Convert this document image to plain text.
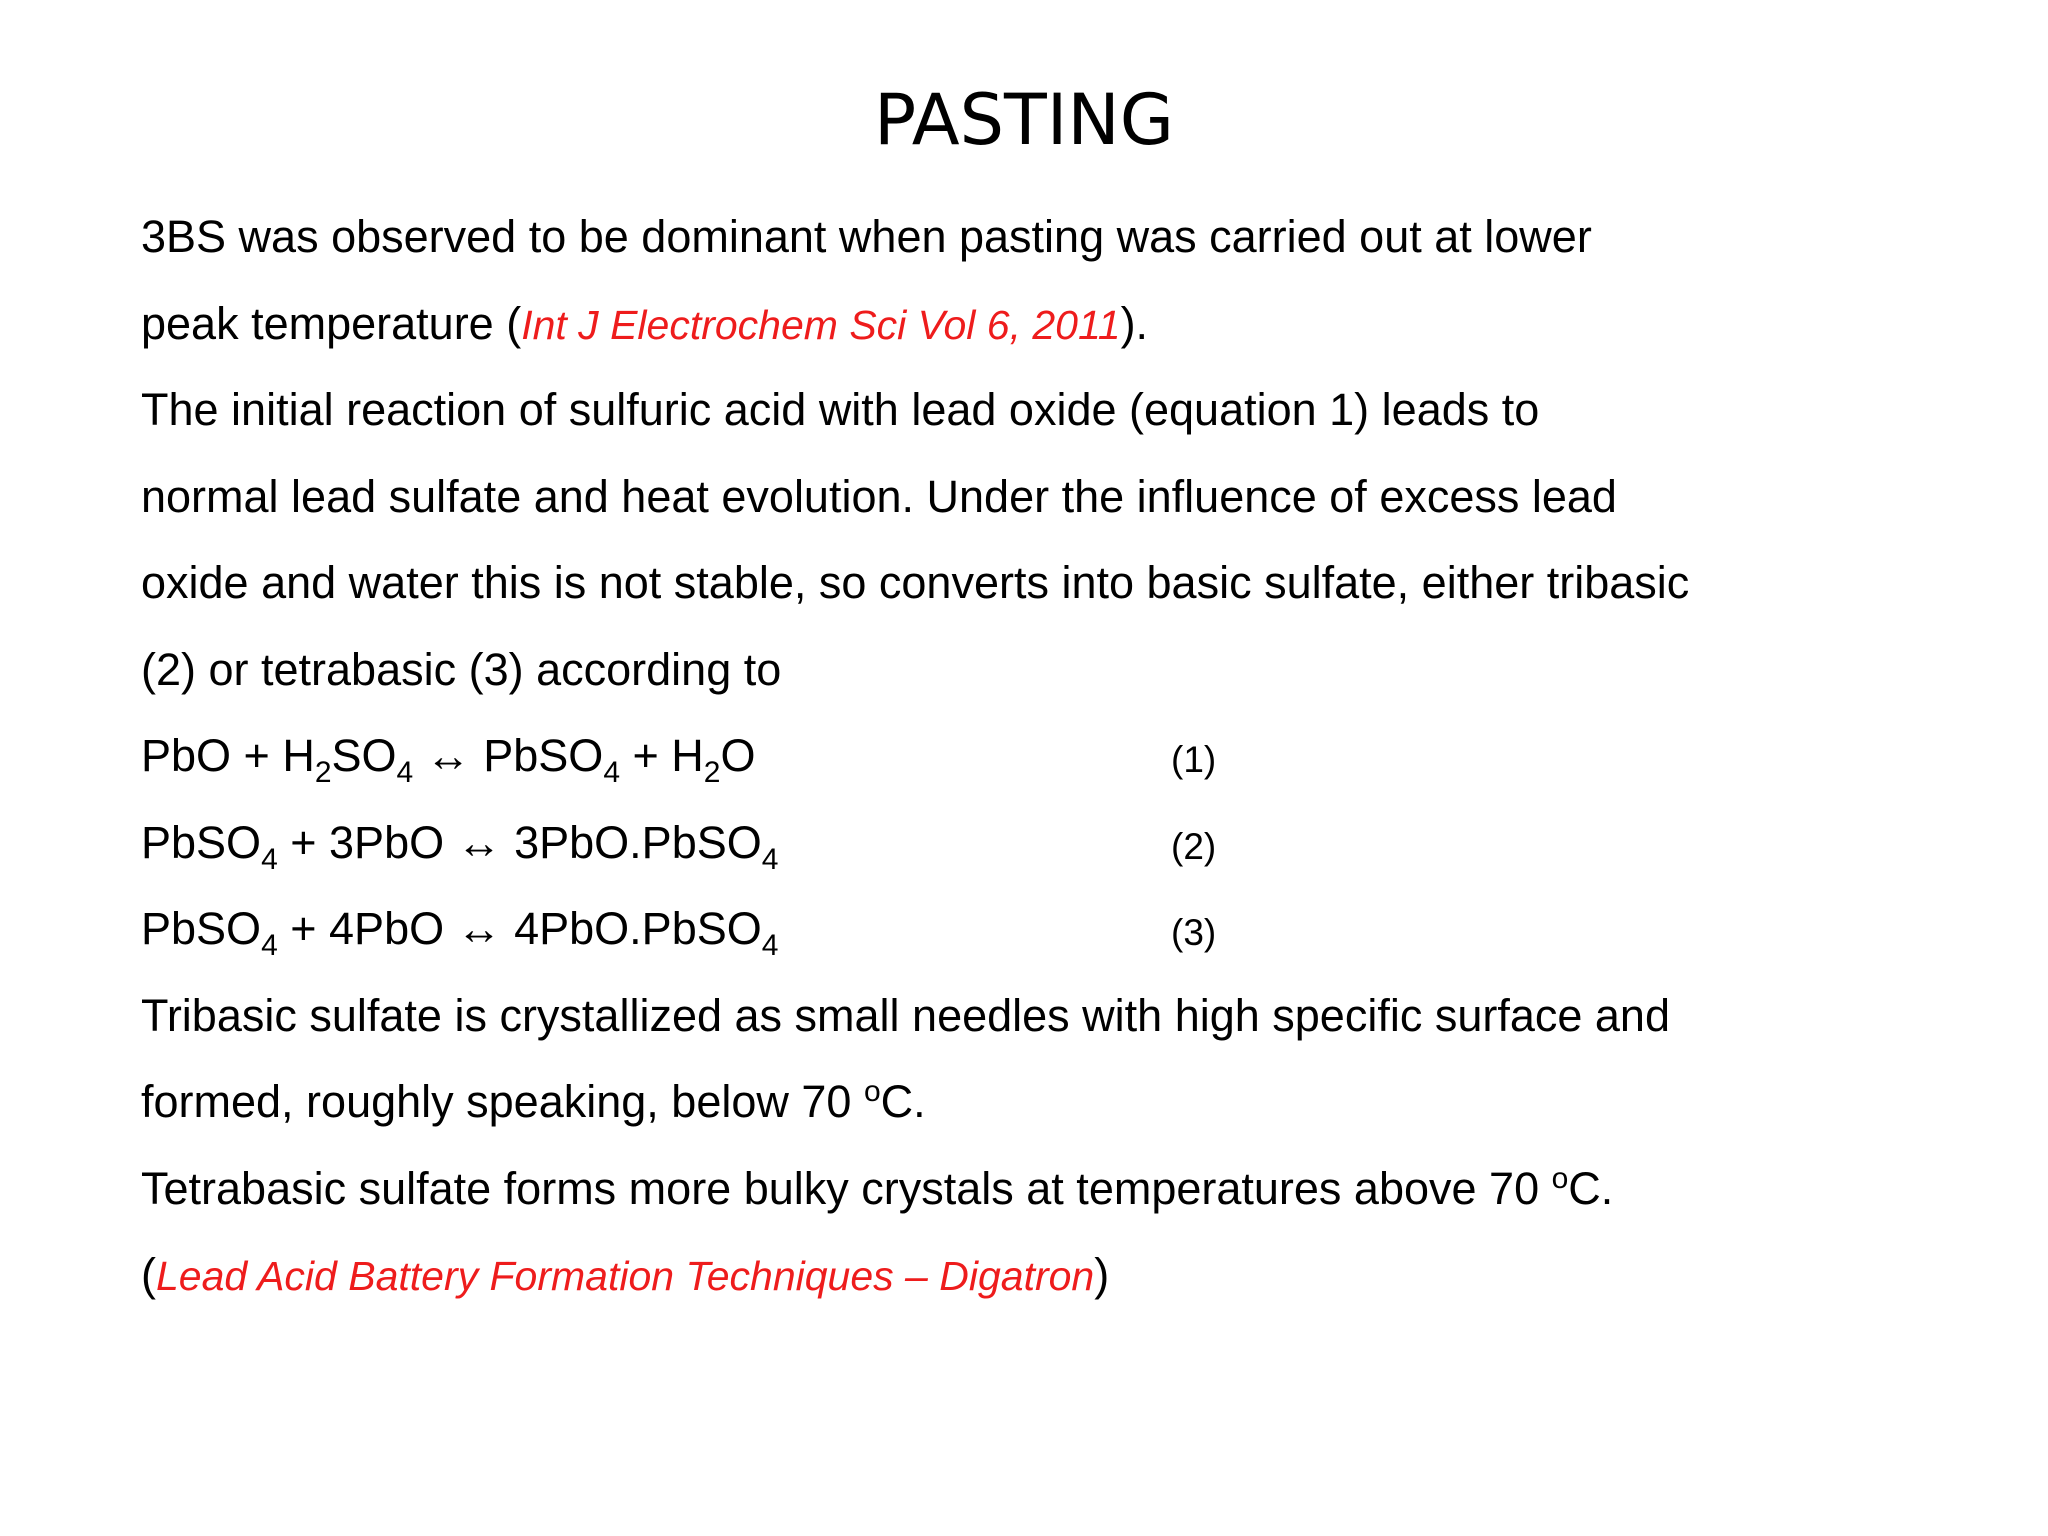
PASTING
3BS was observed to be dominant when pasting was carried out at lower
peak temperature (Int J Electrochem Sci Vol 6, 2011).
The initial reaction of sulfuric acid with lead oxide (equation 1) leads to
normal lead sulfate and heat evolution. Under the influence of excess lead
oxide and water this is not stable, so converts into basic sulfate, either tribasic
(2) or tetrabasic (3) according to
PbO + $H_2SO_4$ ↔ PbSO$_4$ + $H_2O$	(1)
PbSO$_4$ + 3PbO ↔ 3PbO.PbSO$_4$	(2)
PbSO$_4$ + 4PbO ↔ 4PbO.PbSO$_4$	(3)
Tribasic sulfate is crystallized as small needles with high specific surface and
formed, roughly speaking, below 70 $^o$C.
Tetrabasic sulfate forms more bulky crystals at temperatures above 70 $^o$C.
(Lead Acid Battery Formation Techniques – Digatron)
